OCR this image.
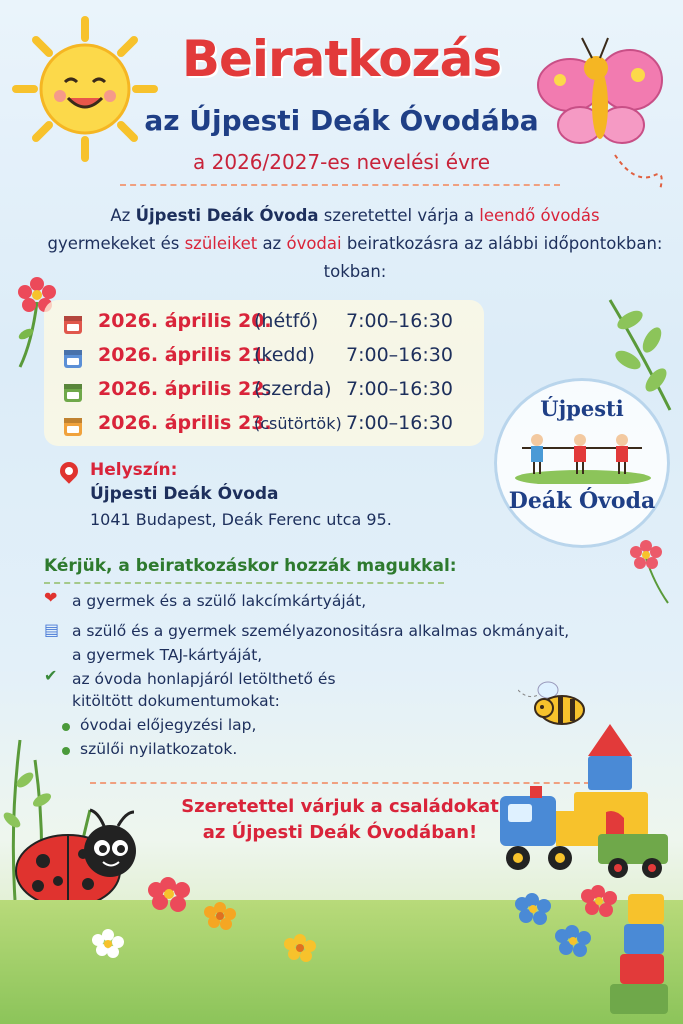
Beiratkozás
az Újpesti Deák Óvodába
a 2026/2027-es nevelési évre
Az Újpesti Deák Óvoda szeretettel várja a leendő óvodás
gyermekeket és szüleiket az óvodai beiratkozásra az alábbi időpontokban:
tokban:
2026. április 20.
(hétfő) 7:00–16:30
2026. április 21.
(kedd) 7:00–16:30
2026. április 22.
(szerda) 7:00–16:30
2026. április 23.
(csütörtök) 7:00–16:30
Újpesti
Deák Óvoda
Helyszín:
Újpesti Deák Óvoda
1041 Budapest, Deák Ferenc utca 95.
Kérjük, a beiratkozáskor hozzák magukkal:
❤ a gyermek és a szülő lakcímkártyáját,
▤ a szülő és a gyermek személyazonositásra alkalmas okmányait,
a gyermek TAJ-kártyáját,
✔ az óvoda honlapjáról letölthető és
kitöltött dokumentumokat:
óvodai előjegyzési lap,
szülői nyilatkozatok.
Szeretettel várjuk a családokat
az Újpesti Deák Óvodában!
